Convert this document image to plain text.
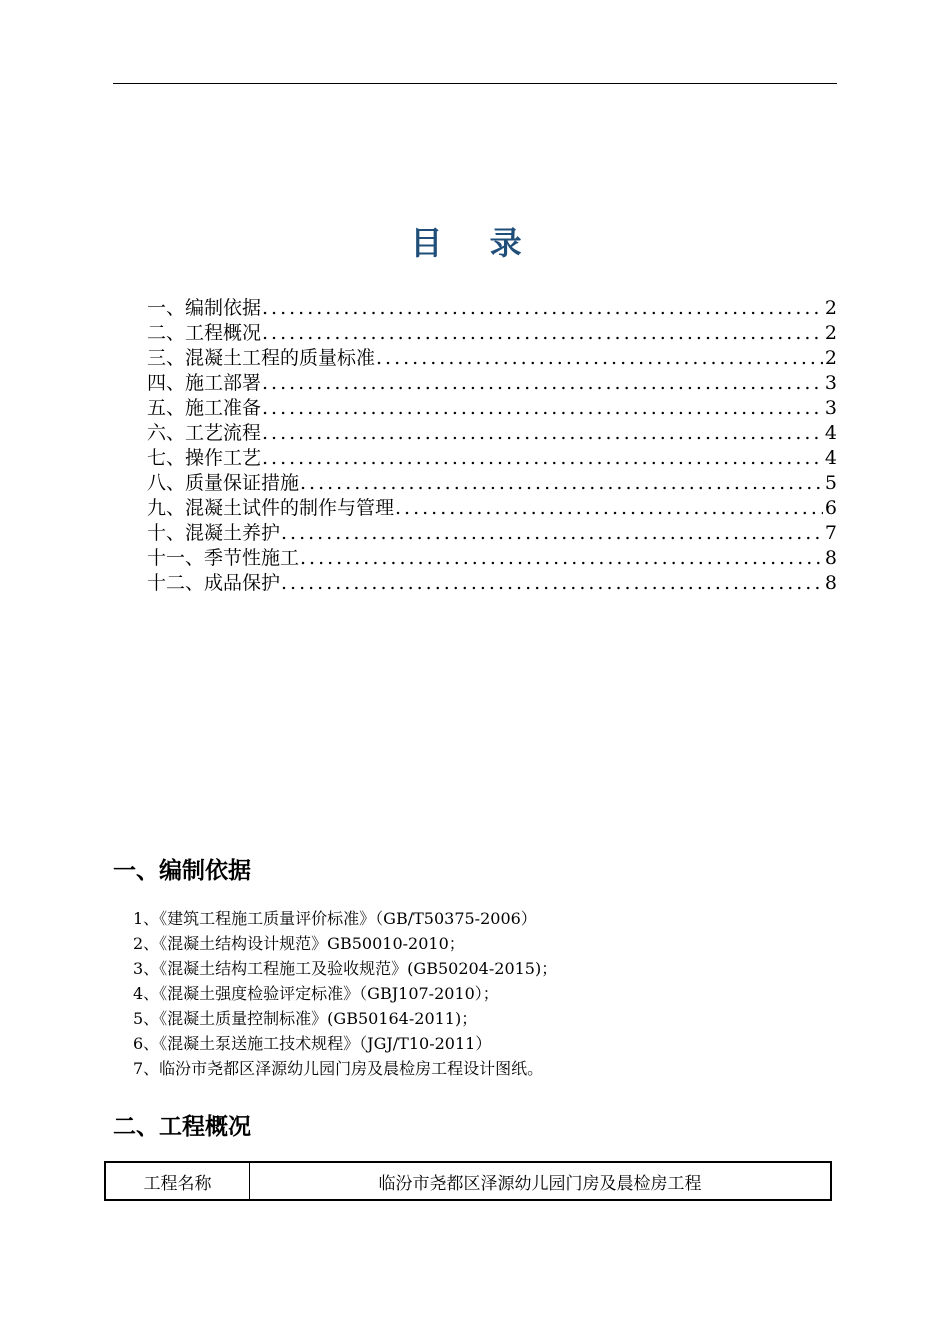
目 录
一、编制依据 .....	2
二、工程概况 .....	2
三、混凝土工程的质量标准 .....	2
四、施工部署 .....	3
五、施工准备 .....	3
六、工艺流程 .....	4
七、操作工艺 .....	4
八、质量保证措施 .....	5
九、混凝土试件的制作与管理 .....	6
十、混凝土养护 .....	7
十一、季节性施工 .....	8
十二、成品保护 .....	8
一、编制依据
1、《建筑工程施工质量评价标准》（GB/T50375-2006）
2、《混凝土结构设计规范》GB50010-2010；
3、《混凝土结构工程施工及验收规范》(GB50204-2015)；
4、《混凝土强度检验评定标准》（GBJ107-2010）；
5、《混凝土质量控制标准》(GB50164-2011)；
6、《混凝土泵送施工技术规程》（JGJ/T10-2011）
7、临汾市尧都区泽源幼儿园门房及晨检房工程设计图纸。
二、工程概况
工程名称	临汾市尧都区泽源幼儿园门房及晨检房工程
